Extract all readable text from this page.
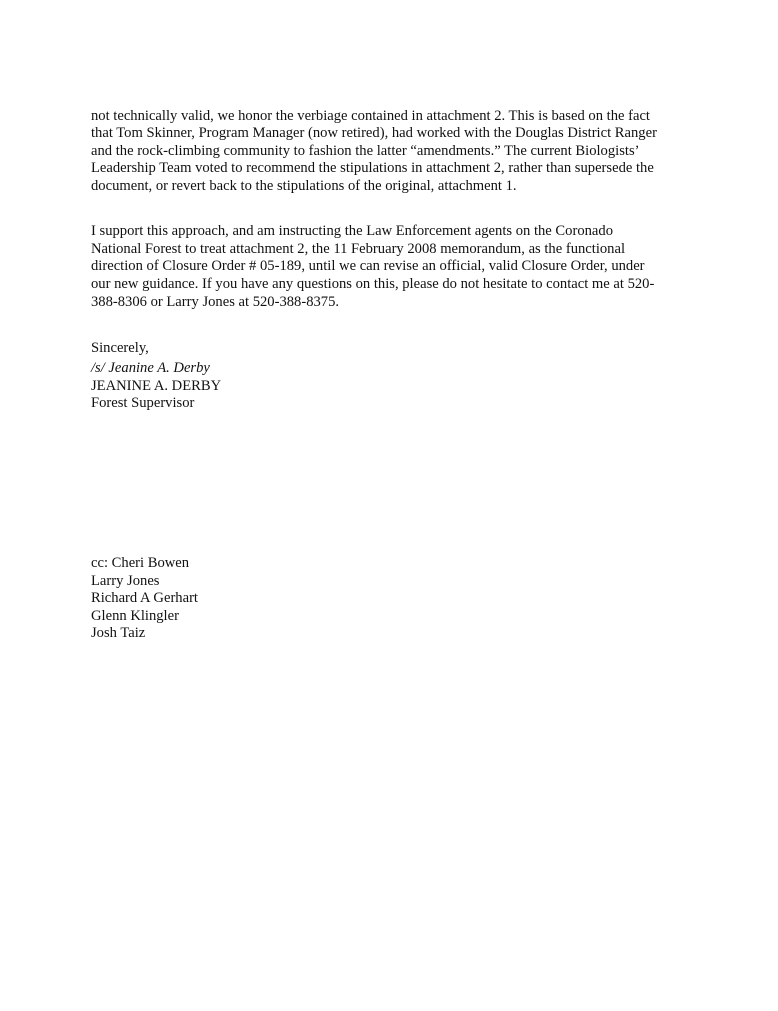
not technically valid, we honor the verbiage contained in attachment 2. This is based on the fact
that Tom Skinner, Program Manager (now retired), had worked with the Douglas District Ranger
and the rock-climbing community to fashion the latter “amendments.” The current Biologists’
Leadership Team voted to recommend the stipulations in attachment 2, rather than supersede the
document, or revert back to the stipulations of the original, attachment 1.

I support this approach, and am instructing the Law Enforcement agents on the Coronado
National Forest to treat attachment 2, the 11 February 2008 memorandum, as the functional
direction of Closure Order # 05-189, until we can revise an official, valid Closure Order, under
our new guidance. If you have any questions on this, please do not hesitate to contact me at 520-
388-8306 or Larry Jones at 520-388-8375.

Sincerely,

/s/ Jeanine A. Derby
JEANINE A. DERBY
Forest Supervisor
cc: Cheri Bowen
Larry Jones
Richard A Gerhart
Glenn Klingler
Josh Taiz
